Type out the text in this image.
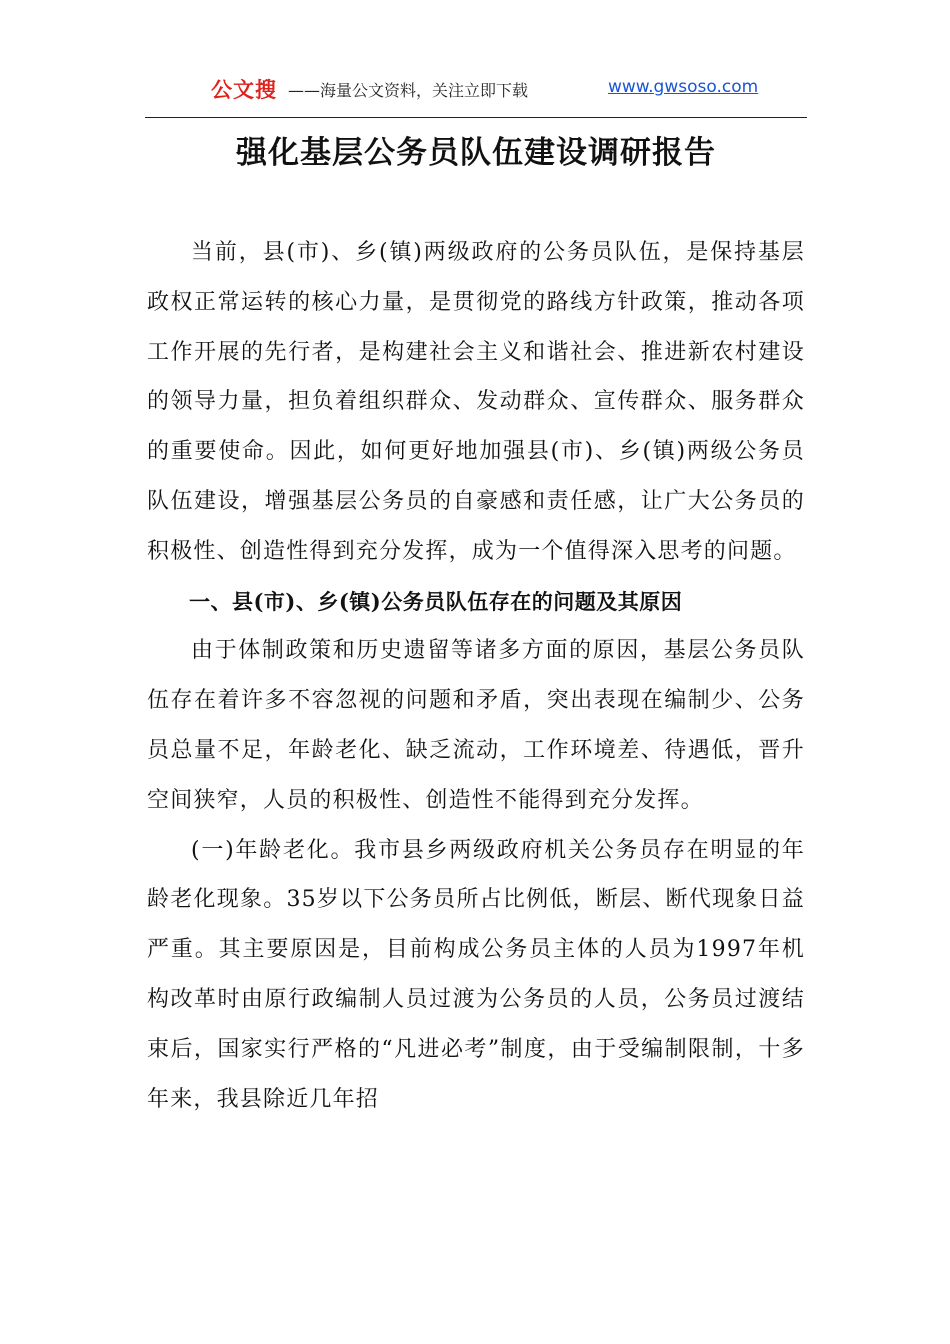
公文搜 ——海量公文资料，关注立即下载	www.gwsoso.com
强化基层公务员队伍建设调研报告

当前，县(市)、乡(镇)两级政府的公务员队伍，是保持基层政权正常运转的核心力量，是贯彻党的路线方针政策，推动各项工作开展的先行者，是构建社会主义和谐社会、推进新农村建设的领导力量，担负着组织群众、发动群众、宣传群众、服务群众的重要使命。因此，如何更好地加强县(市)、乡(镇)两级公务员队伍建设，增强基层公务员的自豪感和责任感，让广大公务员的积极性、创造性得到充分发挥，成为一个值得深入思考的问题。

一、县(市)、乡(镇)公务员队伍存在的问题及其原因

由于体制政策和历史遗留等诸多方面的原因，基层公务员队伍存在着许多不容忽视的问题和矛盾，突出表现在编制少、公务员总量不足，年龄老化、缺乏流动，工作环境差、待遇低，晋升空间狭窄，人员的积极性、创造性不能得到充分发挥。

(一)年龄老化。我市县乡两级政府机关公务员存在明显的年龄老化现象。35岁以下公务员所占比例低，断层、断代现象日益严重。其主要原因是，目前构成公务员主体的人员为1997年机构改革时由原行政编制人员过渡为公务员的人员，公务员过渡结束后，国家实行严格的“凡进必考”制度，由于受编制限制，十多年来，我县除近几年招
